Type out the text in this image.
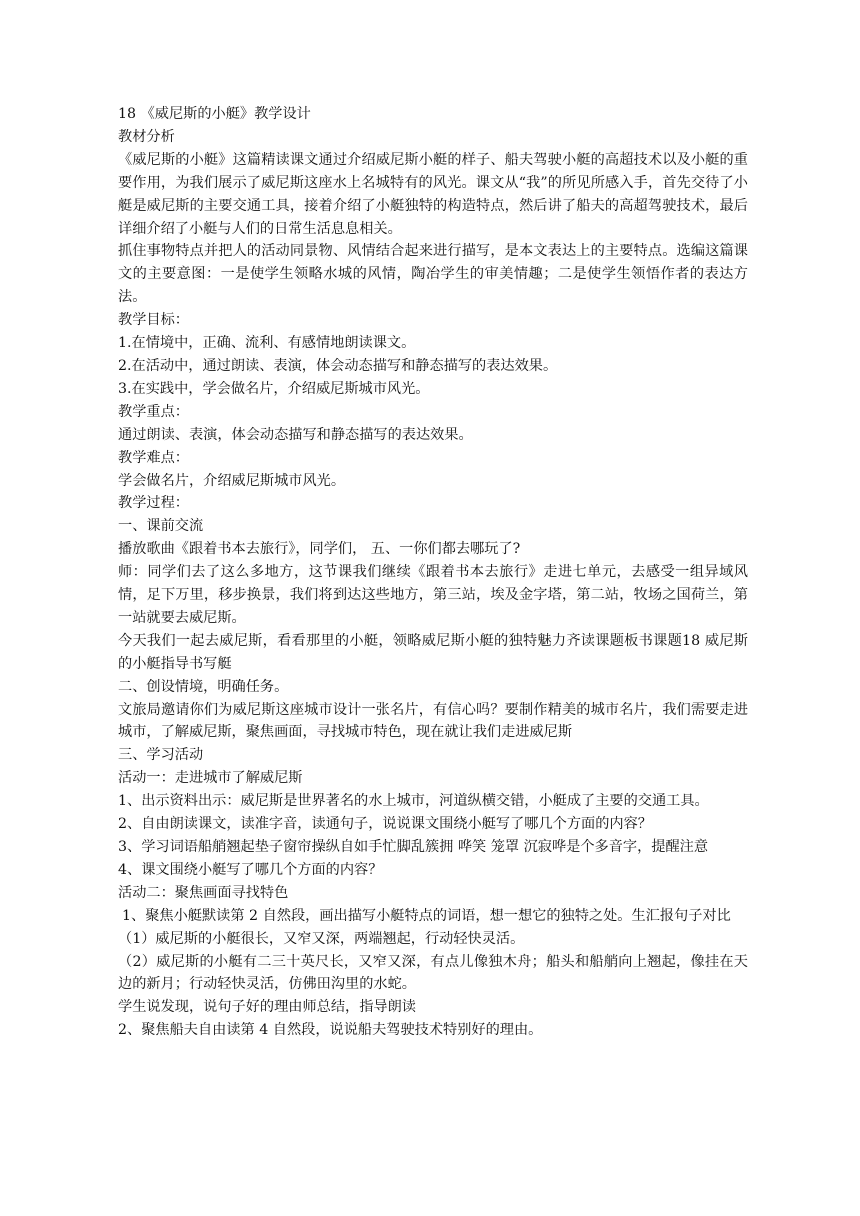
18 《威尼斯的小艇》教学设计

教材分析

《威尼斯的小艇》这篇精读课文通过介绍威尼斯小艇的样子、船夫驾驶小艇的高超技术以及小艇的重要作用，为我们展示了威尼斯这座水上名城特有的风光。课文从“我”的所见所感入手，首先交待了小艇是威尼斯的主要交通工具，接着介绍了小艇独特的构造特点，然后讲了船夫的高超驾驶技术，最后详细介绍了小艇与人们的日常生活息息相关。

抓住事物特点并把人的活动同景物、风情结合起来进行描写，是本文表达上的主要特点。选编这篇课文的主要意图：一是使学生领略水城的风情，陶冶学生的审美情趣；二是使学生领悟作者的表达方法。

教学目标：

1.在情境中，正确、流利、有感情地朗读课文。

2.在活动中，通过朗读、表演，体会动态描写和静态描写的表达效果。

3.在实践中，学会做名片，介绍威尼斯城市风光。

教学重点：

通过朗读、表演，体会动态描写和静态描写的表达效果。

教学难点：

学会做名片，介绍威尼斯城市风光。

教学过程：

一、课前交流

播放歌曲《跟着书本去旅行》，同学们， 五、一你们都去哪玩了?

师：同学们去了这么多地方，这节课我们继续《跟着书本去旅行》走进七单元，去感受一组异域风情，足下万里，移步换景，我们将到达这些地方，第三站，埃及金字塔，第二站，牧场之国荷兰，第一站就要去威尼斯。

今天我们一起去威尼斯，看看那里的小艇，领略威尼斯小艇的独特魅力齐读课题板书课题18 威尼斯的小艇指导书写艇

二、创设情境，明确任务。

文旅局邀请你们为威尼斯这座城市设计一张名片，有信心吗？要制作精美的城市名片，我们需要走进城市，了解威尼斯，聚焦画面，寻找城市特色，现在就让我们走进威尼斯

三、学习活动

活动一：走进城市了解威尼斯

1、出示资料出示：威尼斯是世界著名的水上城市，河道纵横交错，小艇成了主要的交通工具。

2、自由朗读课文，读准字音，读通句子，说说课文围绕小艇写了哪几个方面的内容？

3、学习词语船艄翘起垫子窗帘操纵自如手忙脚乱簇拥 哗笑 笼罩 沉寂哗是个多音字，提醒注意

4、课文围绕小艇写了哪几个方面的内容？

活动二：聚焦画面寻找特色

1、聚焦小艇默读第 2 自然段，画出描写小艇特点的词语，想一想它的独特之处。生汇报句子对比

（1）威尼斯的小艇很长，又窄又深，两端翘起，行动轻快灵活。

（2）威尼斯的小艇有二三十英尺长，又窄又深，有点儿像独木舟；船头和船艄向上翘起，像挂在天边的新月；行动轻快灵活，仿佛田沟里的水蛇。

学生说发现，说句子好的理由师总结，指导朗读

2、聚焦船夫自由读第 4 自然段，说说船夫驾驶技术特别好的理由。
